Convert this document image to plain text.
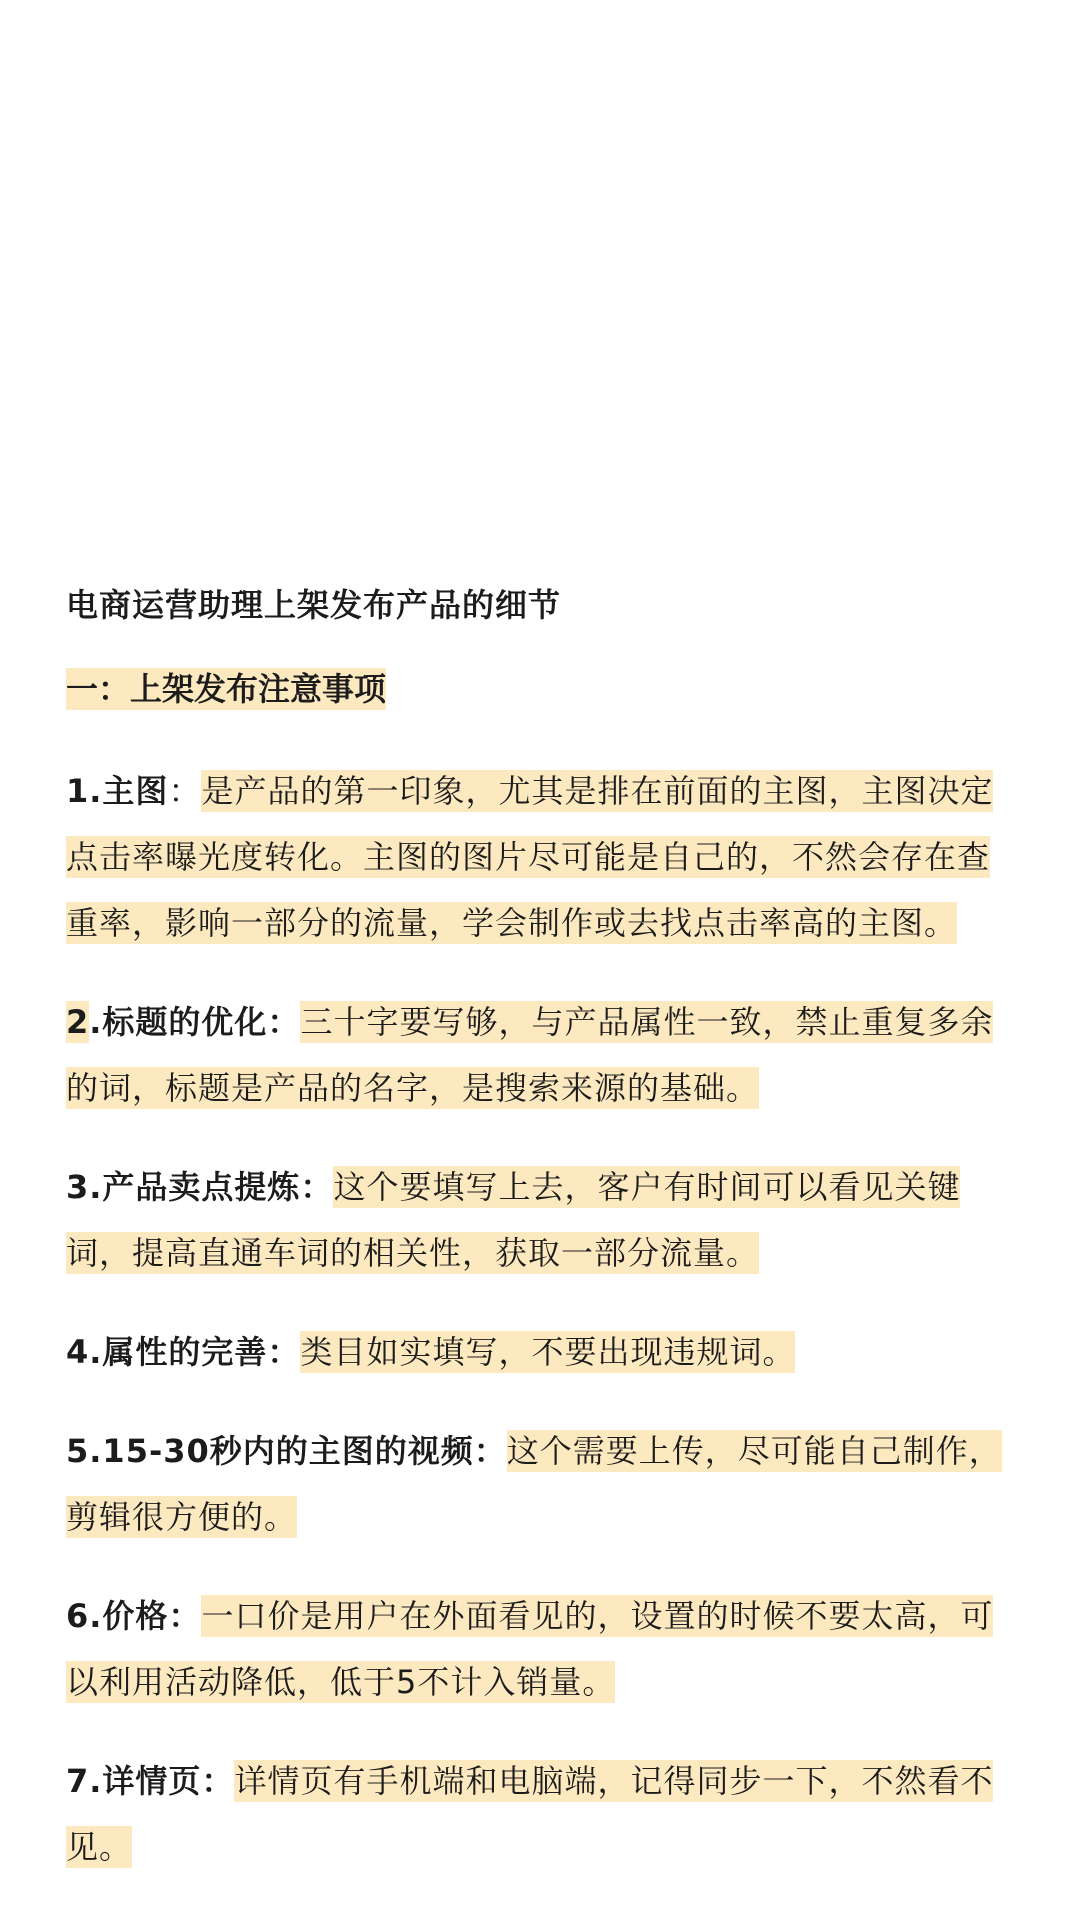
电商运营助理上架发布产品的细节
一：上架发布注意事项

1.主图：是产品的第一印象，尤其是排在前面的主图，主图决定点击率曝光度转化。主图的图片尽可能是自己的，不然会存在查重率，影响一部分的流量，学会制作或去找点击率高的主图。

2.标题的优化：三十字要写够，与产品属性一致，禁止重复多余的词，标题是产品的名字，是搜索来源的基础。

3.产品卖点提炼：这个要填写上去，客户有时间可以看见关键词，提高直通车词的相关性，获取一部分流量。

4.属性的完善：类目如实填写，不要出现违规词。

5.15-30秒内的主图的视频：这个需要上传，尽可能自己制作，剪辑很方便的。

6.价格：一口价是用户在外面看见的，设置的时候不要太高，可以利用活动降低，低于5不计入销量。

7.详情页：详情页有手机端和电脑端，记得同步一下，不然看不见。
